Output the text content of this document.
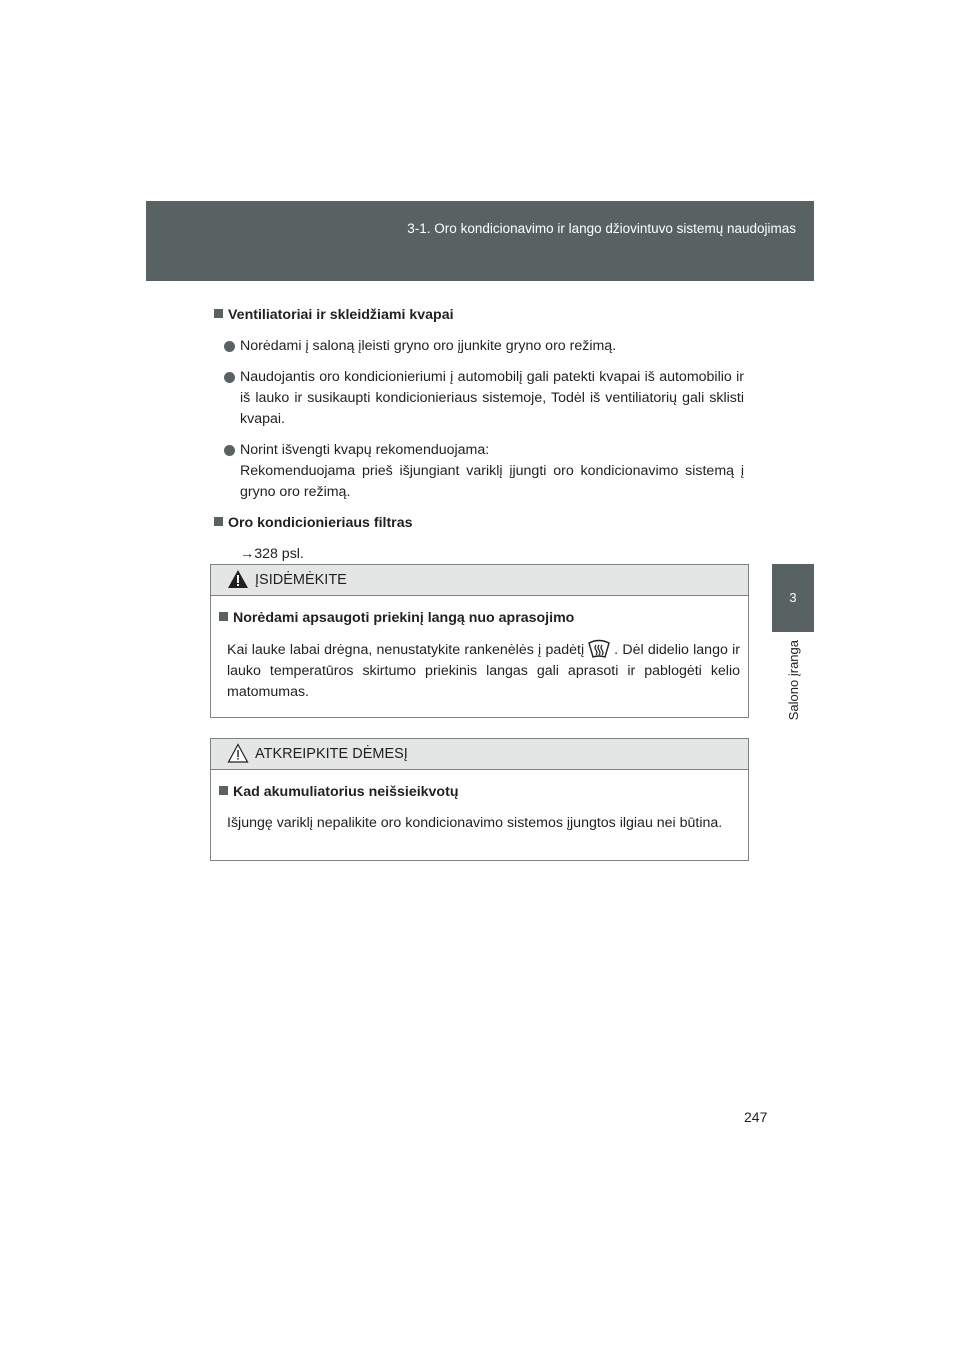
3-1. Oro kondicionavimo ir lango džiovintuvo sistemų naudojimas
3
Salono įranga
Ventiliatoriai ir skleidžiami kvapai

Norėdami į saloną įleisti gryno oro įjunkite gryno oro režimą.

Naudojantis oro kondicionieriumi į automobilį gali patekti kvapai iš automobilio ir iš lauko ir susikaupti kondicionieriaus sistemoje, Todėl iš ventiliatorių gali sklisti kvapai.

Norint išvengti kvapų rekomenduojama:

Rekomenduojama prieš išjungiant variklį įjungti oro kondicionavimo sistemą į gryno oro režimą.

Oro kondicionieriaus filtras

→328 psl.

ĮSIDĖMĖKITE
Norėdami apsaugoti priekinį langą nuo aprasojimo

Kai lauke labai drėgna, nenustatykite rankenėlės į padėtį . Dėl didelio lango ir lauko temperatūros skirtumo priekinis langas gali aprasoti ir pablogėti kelio matomumas.

ATKREIPKITE DĖMESĮ
Kad akumuliatorius neišsieikvotų

Išjungę variklį nepalikite oro kondicionavimo sistemos įjungtos ilgiau nei būtina.

247
